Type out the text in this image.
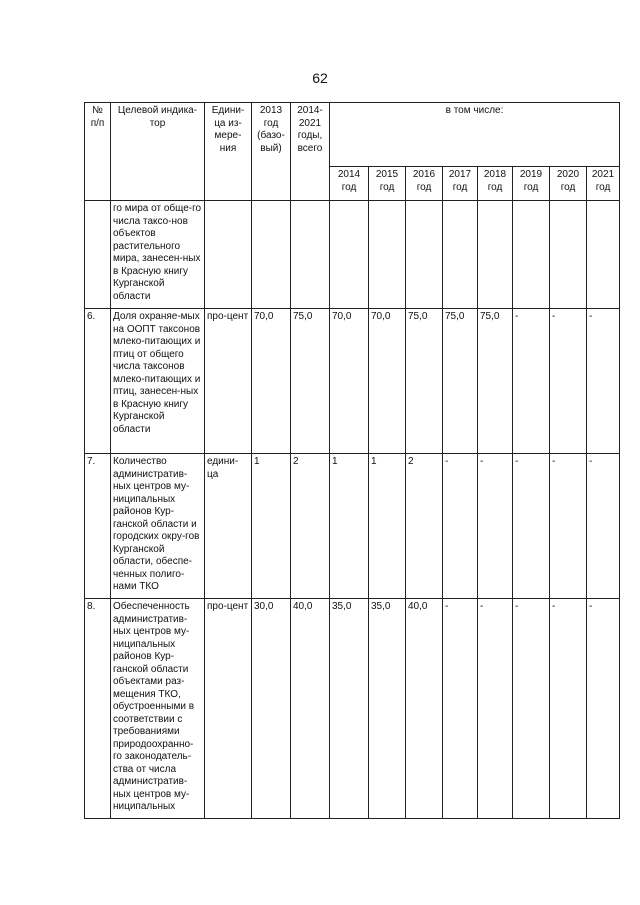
62
№ п/п	Целевой индика-тор	Едини-ца из-мере-ния	2013 год (базо-вый)	2014-2021 годы, всего	в том числе:							
					2014 год	2015 год	2016 год	2017 год	2018 год	2019 год	2020 год	2021 год
	го мира от обще-го числа таксо-нов объектов растительного мира, занесен-ных в Красную книгу Курганской области											
6.	Доля охраняе-мых на ООПТ таксонов млеко-питающих и птиц от общего числа таксонов млеко-питающих и птиц, занесен-ных в Красную книгу Курганской области	про-цент	70,0	75,0	70,0	70,0	75,0	75,0	75,0	-	-	-
7.	Количество административ-ных центров му-ниципальных районов Кур-ганской области и городских окру-гов Курганской области, обеспе-ченных полиго-нами ТКО	едини-ца	1	2	1	1	2	-	-	-	-	-
8.	Обеспеченность административ-ных центров му-ниципальных районов Кур-ганской области объектами раз-мещения ТКО, обустроенными в соответствии с требованиями природоохранно-го законодатель-ства от числа административ-ных центров му-ниципальных	про-цент	30,0	40,0	35,0	35,0	40,0	-	-	-	-	-
